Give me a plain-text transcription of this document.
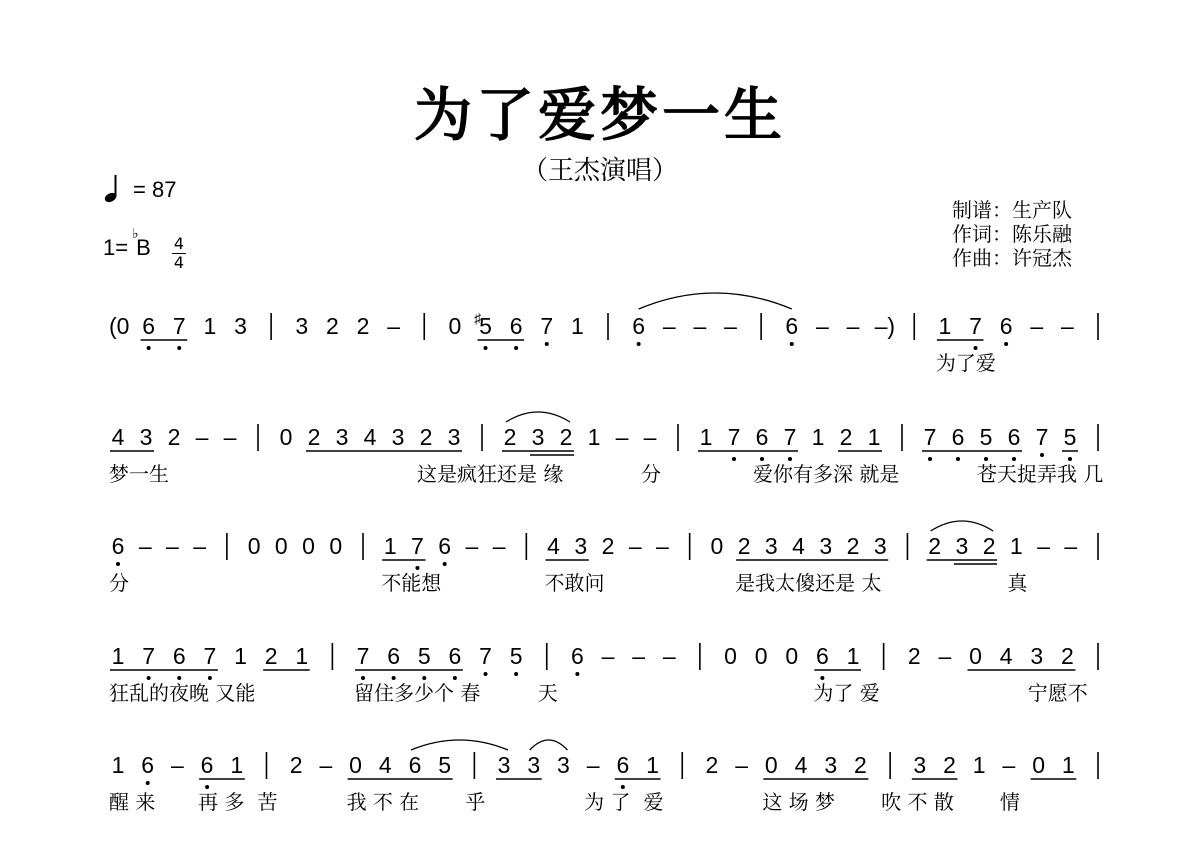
为了爱梦一生
（王杰演唱）
= 87
1=
♭
B 4
4
制谱：生产队
作词：陈乐融
作曲：许冠杰
(0 6 7 1 3 3 2 2 – 0 5
♯ 6 7 1 6 – – – 6 – – –) 1 7 6 – –
为了爱
4 3 2 – – 0 2 3 4 3 2 3 2 3 2 1 – – 1 7 6 7 1 2 1 7 6 5 6 7 5
梦一生	这是疯狂还是 缘	分	爱你有多深 就是	苍天捉弄我 几
6 – – – 0 0 0 0 1 7 6 – – 4 3 2 – – 0 2 3 4 3 2 3 2 3 2 1 – –
分	不能想	不敢问	是我太傻还是 太	真
1 7 6 7 1 2 1 7 6 5 6 7 5 6 – – – 0 0 0 6 1 2 – 0 4 3 2
狂乱的夜晚 又能	留住多少个 春	天	为了 爱	宁愿不
1 6 – 6 1 2 – 0 4 6 5 3 3 3 – 6 1 2 – 0 4 3 2 3 2 1 – 0 1
醒 来 再 多 苦	我 不 在 乎	为 了 爱	这 场 梦 吹 不 散 情
